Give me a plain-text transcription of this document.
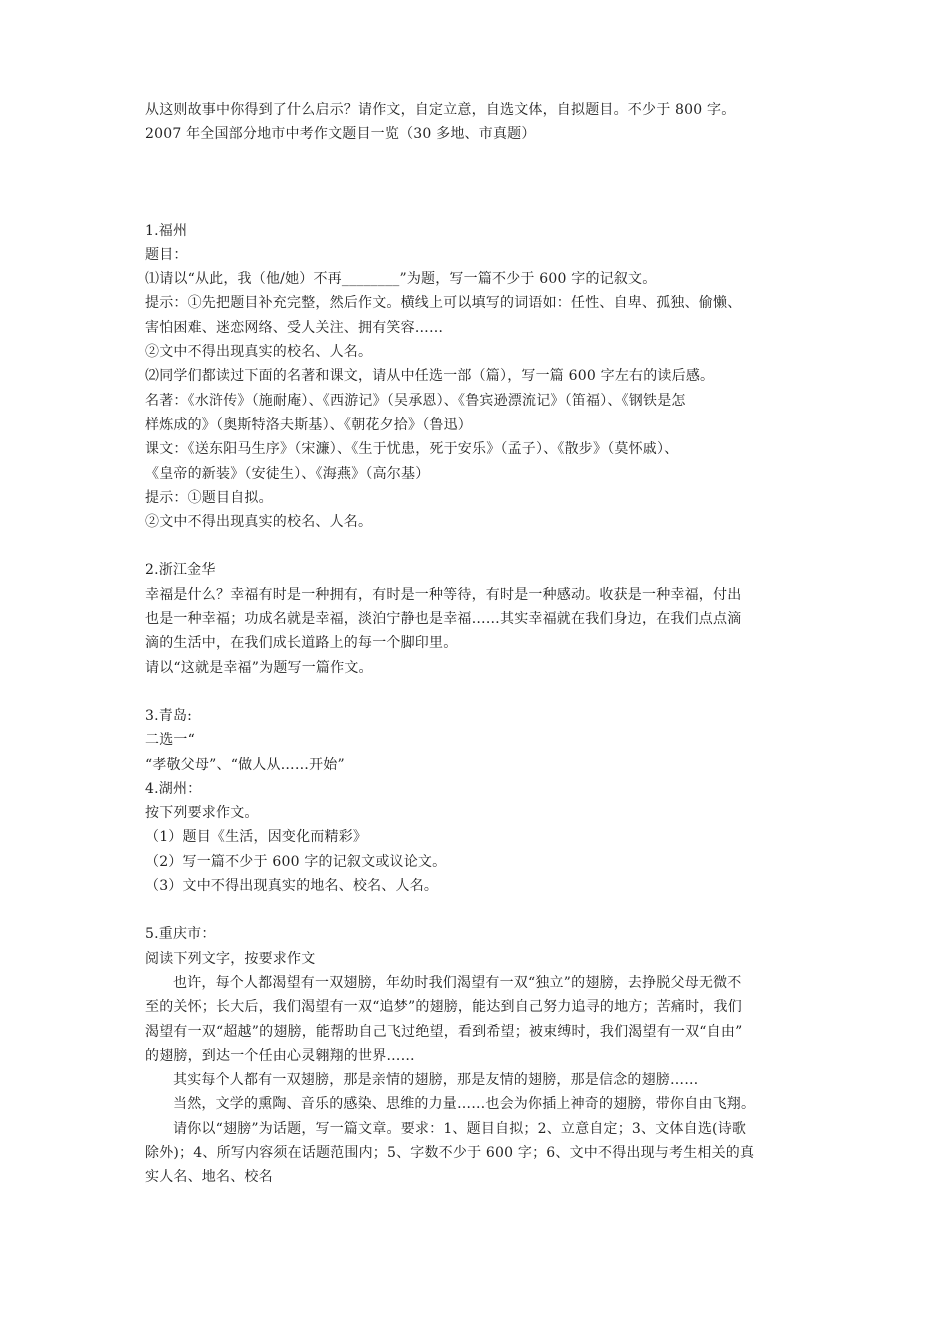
从这则故事中你得到了什么启示？请作文，自定立意，自选文体，自拟题目。不少于 800 字。
2007 年全国部分地市中考作文题目一览（30 多地、市真题）
1.福州
题目：
⑴请以“从此，我（他/她）不再________”为题，写一篇不少于 600 字的记叙文。
提示：①先把题目补充完整，然后作文。横线上可以填写的词语如：任性、自卑、孤独、偷懒、
害怕困难、迷恋网络、受人关注、拥有笑容……
②文中不得出现真实的校名、人名。
⑵同学们都读过下面的名著和课文，请从中任选一部（篇），写一篇 600 字左右的读后感。
名著：《水浒传》（施耐庵）、《西游记》（吴承恩）、《鲁宾逊漂流记》（笛福）、《钢铁是怎
样炼成的》（奥斯特洛夫斯基）、《朝花夕拾》（鲁迅）
课文：《送东阳马生序》（宋濂）、《生于忧患，死于安乐》（孟子）、《散步》（莫怀戚）、
《皇帝的新装》（安徒生）、《海燕》（高尔基）
提示：①题目自拟。
②文中不得出现真实的校名、人名。
2.浙江金华
幸福是什么？幸福有时是一种拥有，有时是一种等待，有时是一种感动。收获是一种幸福，付出
也是一种幸福；功成名就是幸福，淡泊宁静也是幸福……其实幸福就在我们身边，在我们点点滴
滴的生活中，在我们成长道路上的每一个脚印里。
请以“这就是幸福”为题写一篇作文。
3.青岛:
二选一“
“孝敬父母”、“做人从……开始”
4.湖州：
按下列要求作文。
（1）题目《生活，因变化而精彩》
（2）写一篇不少于 600 字的记叙文或议论文。
（3）文中不得出现真实的地名、校名、人名。
5.重庆市：
阅读下列文字，按要求作文
也许，每个人都渴望有一双翅膀，年幼时我们渴望有一双“独立”的翅膀，去挣脱父母无微不
至的关怀；长大后，我们渴望有一双“追梦”的翅膀，能达到自己努力追寻的地方；苦痛时，我们
渴望有一双“超越”的翅膀，能帮助自己飞过绝望，看到希望；被束缚时，我们渴望有一双“自由”
的翅膀，到达一个任由心灵翱翔的世界……
其实每个人都有一双翅膀，那是亲情的翅膀，那是友情的翅膀，那是信念的翅膀……
当然，文学的熏陶、音乐的感染、思维的力量……也会为你插上神奇的翅膀，带你自由飞翔。
请你以“翅膀”为话题，写一篇文章。要求：1、题目自拟；2、立意自定；3、文体自选(诗歌
除外)；4、所写内容须在话题范围内；5、字数不少于 600 字；6、文中不得出现与考生相关的真
实人名、地名、校名
